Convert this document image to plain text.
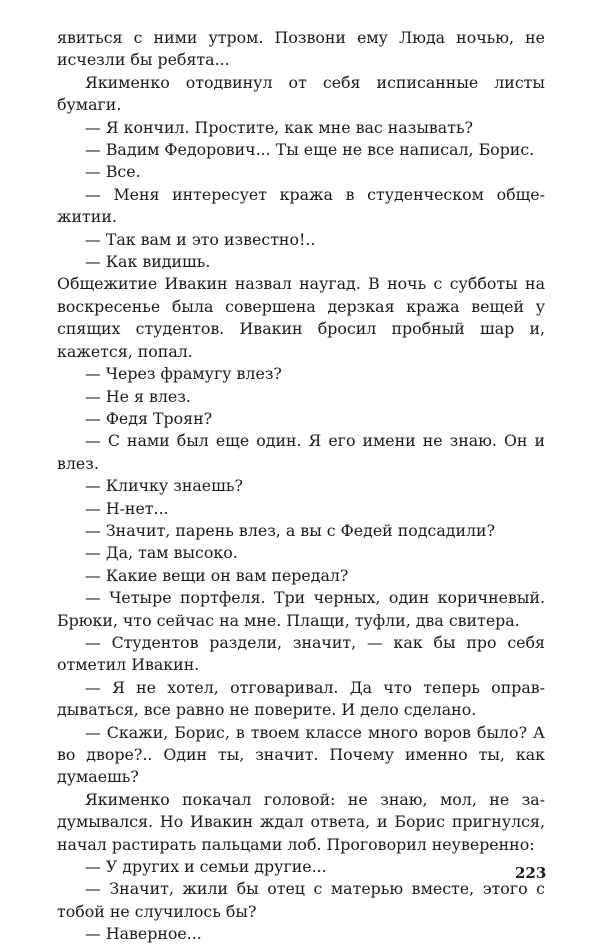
явиться с ними утром. Позвони ему Люда ночью, не исчезли бы ребята...

Якименко отодвинул от себя исписанные листы бумаги.

— Я кончил. Простите, как мне вас называть?

— Вадим Федорович... Ты еще не все написал, Борис.

— Все.

— Меня интересует кража в студенческом общежитии.

— Так вам и это известно!..

— Как видишь.

Общежитие Ивакин назвал наугад. В ночь с субботы на воскресенье была совершена дерзкая кража вещей у спящих студентов. Ивакин бросил пробный шар и, кажется, попал.

— Через фрамугу влез?

— Не я влез.

— Федя Троян?

— С нами был еще один. Я его имени не знаю. Он и влез.

— Кличку знаешь?

— Н-нет...

— Значит, парень влез, а вы с Федей подсадили?

— Да, там высоко.

— Какие вещи он вам передал?

— Четыре портфеля. Три черных, один коричневый. Брюки, что сейчас на мне. Плащи, туфли, два свитера.

— Студентов раздели, значит, — как бы про себя отметил Ивакин.

— Я не хотел, отговаривал. Да что теперь оправдываться, все равно не поверите. И дело сделано.

— Скажи, Борис, в твоем классе много воров было? А во дворе?.. Один ты, значит. Почему именно ты, как думаешь?

Якименко покачал головой: не знаю, мол, не задумывался. Но Ивакин ждал ответа, и Борис пригнулся, начал растирать пальцами лоб. Проговорил неуверенно:

— У других и семьи другие...

— Значит, жили бы отец с матерью вместе, этого с тобой не случилось бы?

— Наверное...

223
